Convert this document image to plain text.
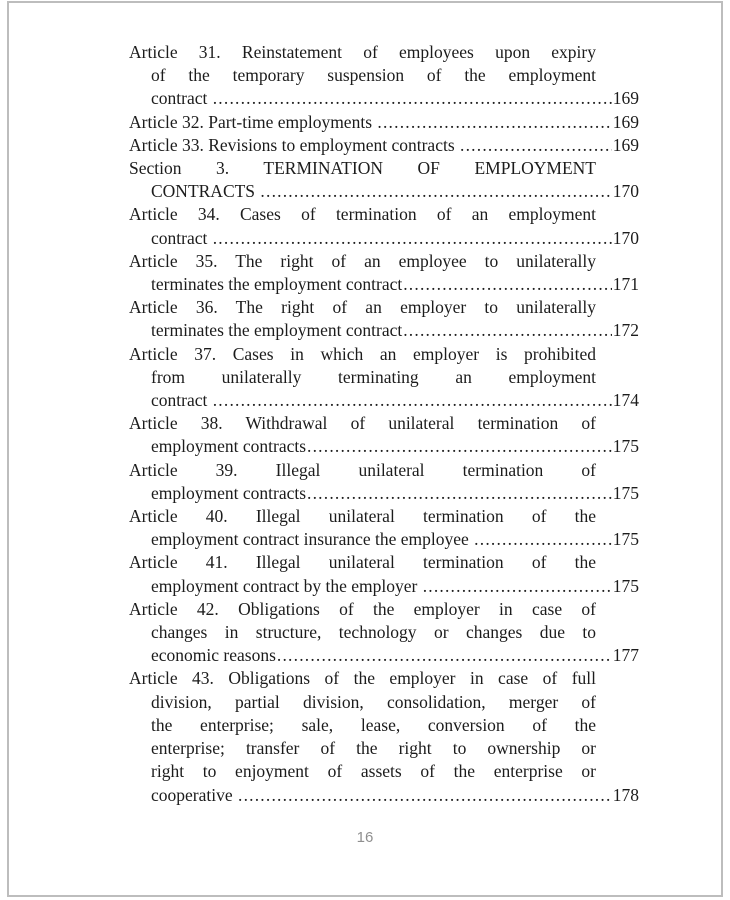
Article 31. Reinstatement of employees upon expiry
of the temporary suspension of the employment
contract .....	169
Article 32. Part-time employments .....	169
Article 33. Revisions to employment contracts .....	169
Section 3. TERMINATION OF EMPLOYMENT
CONTRACTS .....	170
Article 34. Cases of termination of an employment
contract .....	170
Article 35. The right of an employee to unilaterally
terminates the employment contract .....	171
Article 36. The right of an employer to unilaterally
terminates the employment contract .....	172
Article 37. Cases in which an employer is prohibited
from unilaterally terminating an employment
contract .....	174
Article 38. Withdrawal of unilateral termination of
employment contracts .....	175
Article 39. Illegal unilateral termination of
employment contracts .....	175
Article 40. Illegal unilateral termination of the
employment contract insurance the employee .....	175
Article 41. Illegal unilateral termination of the
employment contract by the employer .....	175
Article 42. Obligations of the employer in case of
changes in structure, technology or changes due to
economic reasons .....	177
Article 43. Obligations of the employer in case of full
division, partial division, consolidation, merger of
the enterprise; sale, lease, conversion of the
enterprise; transfer of the right to ownership or
right to enjoyment of assets of the enterprise or
cooperative .....	178
16
